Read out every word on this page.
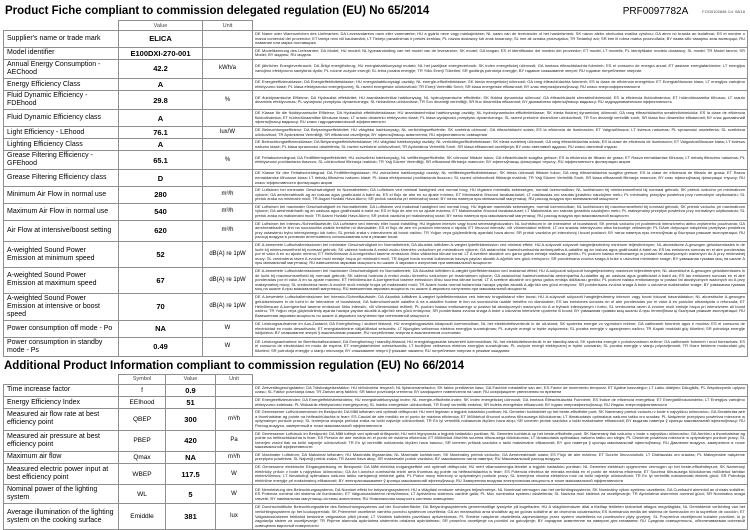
Product Fiche compliant to commission delegated regulation (EU) No 65/2014	PRF0097782A	FOG0102848 Cd. 08/18
	Value	Unit	
Supplier's name or trade mark	ELICA		DE Name oder Warenzeichen des Lieferanten; DA Leverandørens navn eller varemærke; HU a gyártó neve vagy márkajelzése; NL naam van de leverancier of het handelsmerk; SK názov alebo obchodná značka výrobcu; GA ainm nó branda an tsoláthraí; ES el nombre o marca comercial del proveedor; ET tarnija nimi või kaubamärk; LT Tiekėjo pavadinimas ir prekės ženklas; PL nazwa dostawcy lub znak towarowy; SL ime ali oznaka proizvajalca; TR Tedarikçi adı; SR ime ili robna marka proizvođača; BY назва або таварны знак вытворцы; RU название или марка поставщика
Model identifier	E100DXI-270-001		DE Modellkennung des Lieferanten; DA Model; HU modell; NL typeaanduiding van het model van de leverancier; SK model; GA leagan; ES el identificador del modelo del proveedor; ET mudel; LT modelis; PL identyfikator modelu dostawcy; SL model; TR Model tanımı; SR Model; BY мадэль; RU модель
Annual Energy Consumption - AEChood	42.2	kWh/a	DE jährlicher Energieverbrauch; DA Årligt energiforbrug; HU energiahatékonysági mutató; NL het jaarlijkse energieverbruik; SK index energetickej účinnosti; GA innéacs éifeachtúlachta fuinnimh; ES el consumo de energía anual; ET aastane energiatarbimine; LT energijos vartojimo efektyvumo santykinis dydis; PL roczne zużycie energii; SL letna poraba energije; TR Yıllık Enerji Tüketimi; SR godišnja potrošnja energije; BY гадавое спажыванне энергіі; RU годовое потребление энергии
Energy Efficiency Class	A		DE Energieeffizienzklasse; DA Energieffektivitetsklasse; HU energiahatékonysági osztály; NL energie-efficiëntieklasse; SK trieda energetickej účinnosti; GA rang éifeachtúlachta fuinnimh; ES la clase de eficiencia energética; ET Energiatõhususe klass; LT energijos vartojimo efektyvumo klasė; PL klasa efektywności energetycznej; SL razred energetske učinkovitosti; TR Enerji Verimlilik Sınıfı; SR klasa energetske efikasnosti; BY клас энергаэфектыўнасці; RU класс энергоэффективности
Fluid Dynamic Efficiency - FDEhood	29.8	%	DE fluiddynamische Effizienz; DA Hydraulisk effektivitet; HU áramlástechnikai hatékonyság; NL hydrodynamische efficiëntie; SK fluidná dynamická účinnosť; GA éifeachtúlacht shreabhdhinimiciúil; ES la eficiencia fluidodinámica; ET hüdrodünaamika tõhusus; LT srauto dinaminis efektyvumas; PL wydajność przepływu dynamicznego; SL hidravlična učinkovitost; TR Sıvı dinamiği verimliliği; SR fluo dinamička efikasnost; BY дынамічная эфектыўнасць вадкасці; RU гидродинамическая эффективность
Fluid Dynamic Efficiency class	A		DE Klasse für die fluiddynamische Effizienz; DA Hydraulisk effektivitetsklasse; HU áramlástechnikai hatékonysági osztály; NL hydrodynamische-efficiëntieklasse; SK trieda fluidnej dynamickej účinnosti; GA rang éifeachtúlachta sreabhdhinimiciúla; ES la clase de eficiencia fluidodinámica; ET hüdrodünaamilise tõhususe klass; LT srauto dinaminio efektyvumo klasė; PL klasa wydajności przepływu dynamicznego; SL razred pretočne dinamične učinkovitosti; TR Sıvı dinamiği verimlilik sınıfı; SR klasa fluo dinamičke efikasnosti; BY клас дынамічнай эфектыўнасці вадкасці; RU класс гидродинамической эффективности
Light Efficiency - LEhood	76.1	lux/W	DE Beleuchtungseffizienz; DA Belysningseffektivitet; HU világítási hatékonyság; NL verlichtingsefficiëntie; SK svetelná účinnosť; GA éifeachtúlacht solais; ES la eficiencia de iluminación; ET Valgustõhusus; LT šviesos našumas; PL sprawność oświetlenia; SL svetlobna učinkovitost; TR Aydınlatma Verimliliği; SR efikasnost osvetljenja; BY эфектыўнасць асвятлення; RU эффективность освещения
Lighting Efficiency Class	A		DE Beleuchtungseffizienzklasse; DA Belysningseffektivitetsklasse; HU világítási hatékonysági osztály; NL verlichtingsefficiëntieklasse; SK trieda svetelnej účinnosti; GA rang éifeachtúlachta solais; ES la clase de eficiencia de iluminación; ET Valgustustõhususe klass; LT šviesos našumo klasė; PL klasa sprawności oświetlenia; SL razred svetlobne učinkovitosti; TR Aydınlatma Verimlilik Sınıfı; SR klasa efikasnosti osvetljenja; BY клас светлавой аддачы; RU класс световой отдачи
Grease Filtering Efficiency - GFEhood	65.1	%	DE Fettabscheidegrad; DA Fedtfiltreringseffektivitet; HU zsírszűrési hatékonyság; NL vetfilteringsefficiëntie; SK účinnosť filtrácie tukov; GA éifeachtúlacht scagtha gréisce; ES la eficiencia de filtrado de grasa; ET Rasva eemaldamise tõhusus; LT riebalų filtravimo našumas; PL efektywność pochłaniania tłuszczu; SL učinkovitost filtriranja maščob; TR Yağ Süzme Verimliliği; SR efikasnost filtriranja masnoće; BY эфектыўнасць фільтрацыі тлушчу; RU эффективность фильтрации жиров
Grease Filtering Efficiency class	D		DE Klasse für den Fettabscheidegrad; DA Fedtfiltreringsklasse; HU zsírszűrési hatékonysági osztály; NL vetfilteringsefficiëntieklasse; SK trieda účinnosti filtrácie tukov; GA rang éifeachtúlachta scagtha gréisce; ES la clase de eficiencia de filtrado de grasa; ET Rasva eemaldamise tõhususe klass; LT riebalų filtravimo našumo klasė; PL klasa efektywności pochłaniania tłuszczu; SL razred učinkovitosti filtriranja maščob; TR Yağ Süzme Verimlilik Sınıfı; SR klasa efikasnosti filtriranja masnoće; BY клас эфектыўнасці фільтрацыі тлушчу; RU класс эффективности фильтрации жиров
Minimum Air Flow in normal use	280	m³/h	DE Luftstrom bei minimaler Geschwindigkeit im Normalbetrieb; DA Luftstrøm ved minimal hastighed ved normal brug; HU légáram minimális sebességen, normál üzemmódban; NL luchtstroom bij minimumsnelheid bij normaal gebruik; SK prietok vzduchu pri minimálnom výkone; GA aershreabhadh ag an íosluas agus gnáthúsáid á baint as; ES el flujo de aire en su ajuste mínimo; ET Minimaalne õhuvool tavakasutusel; LT mažiausias oro srautas įprastinio naudojimo metu; PL minimalny przepływ powietrza przy normalnym użytkowaniu; SL pretok zraka na minimalni moči; TR Asgari Hızdaki Hava Akımı; SR protok vazduha pri minimalnoj snazi; BY паток паветра пры мінімальнай магутнасці; RU расход воздуха при минимальной мощности
Maximum Air Flow in normal use	540	m³/h	DE Luftstrom bei maximaler Geschwindigkeit im Normalbetrieb; DA Luftstrøm ved maksimal hastighed ved normal brug; HU légáram maximális sebességen, normál üzemmódban; NL luchtstroom bij maximumsnelheid bij normaal gebruik; SK prietok vzduchu pri maximálnom výkone; GA aershreabhadh ag an uasluas agus gnáthúsáid á baint as; ES el flujo de aire en su ajuste máximo; ET Maksimaalne õhuvool tavakasutusel; LT Maksimalus oro srautas įprastinio naudojimo metu; PL maksymalny przepływ powietrza przy normalnym użytkowaniu; SL pretok zraka na maksimalni moči; TR Azami Hızdaki Hava Akımı; SR protok vazduha pri maksimalnoj snazi; BY паток паветра пры максімальнай магутнасці; RU расход воздуха при максимальной мощности
Air Flow at intensive/boost setting	620	m³/h	DE Luftstrom bei Intensiv-/Schnelllaufstufe; DA Luftstrøm ved intensiv eller boost indstilling; HU légáram intenzív vagy boost sebességfokozaton; NL luchtstroom in de intensieve of booststand; SK prietok vzduchu pri podmienok intenzívneho alebo zvýšeného používania; GA aershreabhadh le linn na socraíochta úsáide treisithe nó dianúsáide; ES el flujo de aire en posición intensiva o rápida; ET õhuvool intensiiv- või võimendatud režiimil; LT oro srautas intensyvumo arba forsuotoje veiksenoje; PL DAne dotyczące natężenia przepływu powietrza przy ustawieniu trybu intensywnego lub turbo; SL pretok zraka v intenzivnem ali boost načinu; TR Yoğun veya güçlendirilmiş ayardaki hava akımı; SR protok vazduha pri intenzivnoj i boost postavci; BY паток паветра пры інтэнсіўным ці быстрым рэжыме эксплуатацыі; RU расход воздуха в условиях интенсивного использования или в режиме boost
A-weighted Sound Power Emission at minimum speed	52	dB(A) re 1pW	DE A-bewertete Luftschallemissionen bei minimaler Geschwindigkeit im Normalbetrieb; DA Akustisk luftbåren A-vægtet lydeffektemission ved minimal effekt; HU A-súlyozott súlyozott hangteljesítmény minimum teljesítményen; NL akoestische A-gewogen geluidsemissies in de lucht bij minimumsnelheid bij normaal gebruik; SK vážená hodnota A emisií zvuku šíreného vzduchom pri minimálnom výkone; GA astaíochtaí fuaimchumhachta aeriompartha A-ualaithe ag an íosluas agus gnáthúsáid á baint as; ES las emisiones sonoras en el aire ponderadas por el valor A en su ajuste mínimo; ET Helivõimsuse A-korrigeeritud taseme emissioon õhku väikseima kiiruse korral; LT A svertinė akustinė oro garso galios emisija mažiausiu greičiu; PL poziom hałasu emitowanego w postaci fal akustycznych ważonych do A przy minimalnej mocy; SL vrednotena raven A zvočne moči emisije hrupa pri minimalni moči; TR Asgari hızda normal kullanımda havaya yayılan akustik A-ağırlıklı ses gücü emisyonu; SR ponderisana zvučna snaga A buke u uslovima minimalne snage; BY узважаная гукавая моц па шкале A пры мінімальнай магутнасці; RU взвешенная звуковая мощность по шкале A звукового излучения при минимальной мощности
A-weighted Sound Power Emission at maximum speed	67	dB(A) re 1pW	DE A-bewertete Luftschallemissionen bei maximaler Geschwindigkeit im Normalbetrieb; DA Akustisk luftbåren A-vægtet lydeffektemission ved maksimal effekt; HU A-súlyozott súlyozott hangteljesítmény maximum teljesítményen; NL akoestische A-gewogen geluidsemissies in de lucht bij maximumsnelheid bij normaal gebruik; SK vážená hodnota A emisií zvuku šíreného vzduchom pri maximálnom výkone; GA astaíochtaí fuaimchumhachta aeriompartha A-ualaithe ag an uasluas agus gnáthúsáid á baint as; ES las emisiones sonoras en el aire ponderadas por el valor A en su ajuste máximo; ET Helivõimsuse A-korrigeeritud taseme emissioon õhku suurima kiiruse korral; LT A svertinė akustinė oro garso galios emisija didžiausiu greičiu; PL poziom hałasu emitowanego w postaci fal akustycznych ważonych do A przy maksymalnej mocy; SL vrednotena raven A zvočne moči emisije hrupa pri maksimalni moči; TR Azami hızda normal kullanımda havaya yayılan akustik A-ağırlıklı ses gücü emisyonu; SR ponderisana zvučna snaga A buke u uslovima maksimalne snage; BY узважаная гукавая моц па шкале A пры максімальнай магутнасці; RU взвешенная звуковая мощность по шкале A звукового излучения при максимальной мощности
A-weighted Sound Power Emission at intensive or boost speed	70	dB(A) re 1pW	DE A-bewertete Luftschallemissionen bei Intensiv-/Schnelllaufstufe; DA Akustisk luftbåren A-vægtet lydeffektemission ved intensiv brugstilstand eller boost; HU A-súlyozott súlyozott hangteljesítmény intenzív vagy boost fokozat használatakor; NL akoestische A-gewogen geluidsemissies in de lucht in de intensieve of booststand; GA fuaimchumhacht ualaithe A na n-astuithe fuaime le linn na socraíochta úsáide treisithe nó dianúsáide; ES las emisiones sonoras en el aire ponderadas por el valor A en posición ultrarrápida o reforzada; ET Helivõimsuse A-korrigeeritud taseme emissioon õhku intensiiv- või võimendatud režiimil; PL poziom hałasu emitowanego w postaci fal akustycznych ważonych do A w trybach intensywnym i turbo; SL vrednotena raven A zvočne moči emisije hrupa pri intenzivnem ali boost načinu; TR Yoğun veya güçlendirilmiş ayarda havaya yayılan akustik A-ağırlıklı ses gücü emisyonu; SR ponderisana zvučna snaga A buke u uslovima intenzivne upotrebe ili boost; BY узважаная гукавая моц шкалы A пры інтэнсіўным ці быстрым рэжыме эксплуатацыі; RU Взвешенная звуковая мощность по шкале A звукового излучения при интенсивной мощности
Power consumption off mode - Po	NA	W	DE Leistungsaufnahme im Aus-Zustand; DA Energiforbrug i slukket tilstand; HU energiafogyasztás kikapcsolt üzemmódban; NL het elektriciteitsverbruik in de uit-stand; SK spotreba energie vo vypnutom režime; GA caitheamh fuinnimh agus é múchta; ES el consumo de electricidad en modo desactivado; ET energiatarbimine väljalülitatud seisundis; LT išjungties veiksenos elektros energijos suvartojimas; PL zużycie energii w trybie wyłączenia; SL poraba energije v ugasnjenem načinu; TR Kapalı moddaki güç tüketimi; SR potrošnja energije isključena; BY спажыванне энергіі ў выключаным рэжыме; RU потребление энергии в выключенном состоянии
Power consumption in standby mode - Ps	0.49	W	DE Leistungsaufnahme im Bereitschaftszustand; DA Energiforbrug i standby-tilstand; HU energiafogyasztás készenléti üzemmódban; NL het elektriciteitsverbruik in de standby-stand; SK spotreba energie v pohotovostnom režime; GA caitheamh fuinnimh i mód fuireachais; ES el consumo de electricidad en modo de espera; ET energiatarbimine ooteseisundis; LT budėjimo veiksenos elektros energijos suvartojimas; PL zużycie energii elektrycznej w trybie czuwania; SL poraba energije v stanju pripravljenosti; TR Hazır bekleme modundaki güç tüketimi; SR potrošnja energije u stanju mirovanja; BY спажыванне энергіі ў рэжыме чакання; RU потребление энергии в режиме ожидания
Additional Product Information compliant to commission regulation (EU) No 66/2014
	Symbol	Value	Unit	
Time increase factor	f	0.9		DE Zeitverlängerungsfaktor; DA Tidsforøgelsesfaktor; HU időnövelési tényező; NL tijdstoenamefactor; SK faktor predĺženia času; GA Fachtóir méadaithe san am; ES Factor de incremento temporal; ET Ajaline kasvutegur; LT Laiko didėjimo DAugiklis; PL Współczynnik upływu czasu; SL Faktor povečanja časa; TR Zaman artış faktörü; SR faktor povećanja vremena; BY каэфіцыент павелічэння па часе; RU коэффициент увеличения по времени
Energy Efficiency Index	EEIhood	51		DE Energieeffizienzindex; DA Energieffektivitetsindeks; HU energiahatékonysági index; NL energie-efficiëntie-index; SK index energetickej účinnosti; GA Innéacs Éifeachtúlachta Fuinnimh; ES Índice de eficiencia energética; ET Energiatõhususindeks; LT Energijos vartojimo efektyvumo indeksas; PL Wskaźnik efektywności energetycznej; SL Indeks energetske učinkovitosti; TR Enerji verimlilik endeksi; SR indeks energetske efikasnosti; BY індэкс энергаэфектыўнасці; RU Индекс энергоэффективности
Measured air flow rate at best efficiency point	QBEP	300	m³/h	DE Gemessener Luftvolumenstrom im Bestpunkt; DA Målt luftstrøm ved optimalt driftspunkt; HU mért légáram a legjobb hatásfokú pontban; NL Gemeten luchtdebiet op het beste-efficiëntie punt; SK Nameraný prietok vzduchu v bode s najvyššou účinnosťou; GA Sreabhráta aeir a thomhaistear ag pointe na héifeachtúlachta is fearr; ES Caudal de aire medido en el punto de máxima eficiencia; ET Mõõdetud õhuvool suurima tõhususega tööolukorras; LT Išmatuotasis optimalaus našumo taško oro srautas; PL Natężenie przepływu powietrza mierzone w optymalnym punkcie pracy; SL Izmerjena stopnja pretoka zraka na točki največje učinkovitosti; TR En iyi verimlilik noktasında ölçülen hava akışı; SR izmeren protok vazduha u tački maksimalne efikasnosti; BY выдатак паветра ў кропцы максімальнай эфектыўнасці; RU Расход воздуха, замеренный в точке максимальной эффективности
Measured air pressure at best efficiency point	PBEP	420	Pa	DE Gemessener Luftdruck im Bestpunkt; DA Målt lufttryk ved optimalt driftspunkt; HU mért légnyomás a legjobb hatásfokú pontban; NL Gemeten luchtdruk op het beste-efficiëntie-punt; SK Nameraný tlak vzduchu v bode s najvyššou účinnosťou; GA Aerbhrú a thomhaistear ag pointe na héifeachtúlachta is fearr; ES Presión de aire medida en el punto de máxima eficiencia; ET Mõõdetud õhurõhk suurima tõhususega tööolukorras; LT Išmatuotasis optimalaus našumo taško oro slėgis; PL Ciśnienie powietrza mierzone w optymalnym punkcie pracy; SL Izmerjen zračni tlak na točki največje učinkovitosti; TR En iyi verimlilik noktasında ölçülen hava basıncı; SR izmeren pritisak vazduha u tački maksimalne efikasnosti; BY ціск паветра ў кропцы максімальнай эфектыўнасці; RU Давление воздуха, замеренное в точке максимальной эффективности
Maximum air flow	Qmax	NA	m³/h	DE Maximaler Luftstrom; DA Maksimal luftstrøm; HU Maximális légáramlás; NL Maximale luchtstroom; SK Maximálny prietok vzduchu; GA Aershreabhadh uasta; ES Flujo de aire máximo; ET Suurim õhuvooluhulk; LT Didžiausias oro srautas; PL Maksymalne natężenie przepływu powietrza; SL Največji pretok zraka; TR Azami hava akışı; SR maksimalni protok vazduha; BY максімальны паток паветра; RU Максимальный расход воздуха
Measured electric power input at best efficiency point	WBEP	117.5	W	DE Gemessene elektrische Eingangsleistung im Bestpunkt; DA Målt elektrisk indgangseffekt ved optimalt driftspunkt; HU mért villamosenergia-felvétel a legjobb hatásfokú pontban; NL Gemeten elektrisch opgenomen vermogen op het beste-efficiëntiepunt; SK Nameraný elektrický príkon v bode s najvyššou účinnosťou; GA An t-ionchur cumhachta leictrí arna thomhas ag pointe na héifeachtúlachta is fearr; ES Potencia eléctrica de entrada medida en el punto de máxima eficiencia; ET Suurima tõhususega tööolukorras mõõdetud tarbitav elektrivõimsus; LT Išmatuotoji optimalaus našumo taško vartojamoji elektrinė galia; PL Pobór mocy mierzony w optymalnym punkcie pracy; SL Izmerjena vhodna električna moč na točki največje učinkovitosti; TR En iyi verimlilik noktasındaki elektrik gücü; SR Potrošnja električne energije pri maksimalnoj efikasnosti; BY электраспажыванне ў кропцы максімальнай эфектыўнасці; RU Замеренная входная электрическая мощность в точке максимальной эффективности
Nominal power of the lighting system	WL	5	W	DE Nennleistung des Beleuchtungssystems; DA Nominel effekt for belysningssystemet; HU a világítási rendszer névleges teljesítménye; NL Nominaal vermogen van het verlichtingssysteem; SK Nominálny výkon systému osvetlenia; GA Cumhacht ainmniúil an chórais soilsithe; ES Potencia nominal del sistema de iluminación; ET Valgustussüsteemi nimivõimsus; LT Apšvietimo sistemos vardinė galia; PL Moc nominalna systemu oświetlenia; SL Nazivna moč sistema za osvetljevanje; TR Aydınlatma sisteminin nominal gücü; SR Nominalna snaga rasvete; BY намінальная магутнасць сістэмы асвятлення; RU Номинальная мощность системы освещения
Average illumination of the lighting system on the cooking surface	Emiddle	381	lux	DE Durchschnittliche Beleuchtungsstärke des Beleuchtungssystems auf der Kochoberfläche; DA Belysningssystemets gennemsnitlige lysstyrke på kogefladen; HU A világítórendszer által a főzőlap felületén biztosított átlagos megvilágítás; NL Gemiddelde verlichting van het verlichtingssysteem op het kookoppervlak; SK Priemerné osvetlenie varného povrchu systémom osvetlenia; GA an meánsoilsiú arna sholáthar ag an gcóras soilsithe ar an dromchla cócaireachta; ES Iluminancia media del sistema de iluminación en la superficie de cocción; ET Valgustussüsteemi tekitatud keskmine valgustatus pliidi pinnal; LT Vidutinis kaitvietės paviršiaus apšviestumas; PL Średnie natężenie oświetlenia zapewnianego przez system oświetlenia na powierzchni płyty grzejnej; SL Povprečna osvetljenost kuhalne površine, ki jo zagotavlja sistem za osvetljevanje; TR Pişirme alanında aydınlatma sisteminin ortalama aydınlatması; SR prosečno osvetljenje na površini za gotovljenje; BY сярэдняе асвятленне на паверхні для гатавання; RU Средняя освещенность, обеспечиваемая системой освещения варочной поверхности
